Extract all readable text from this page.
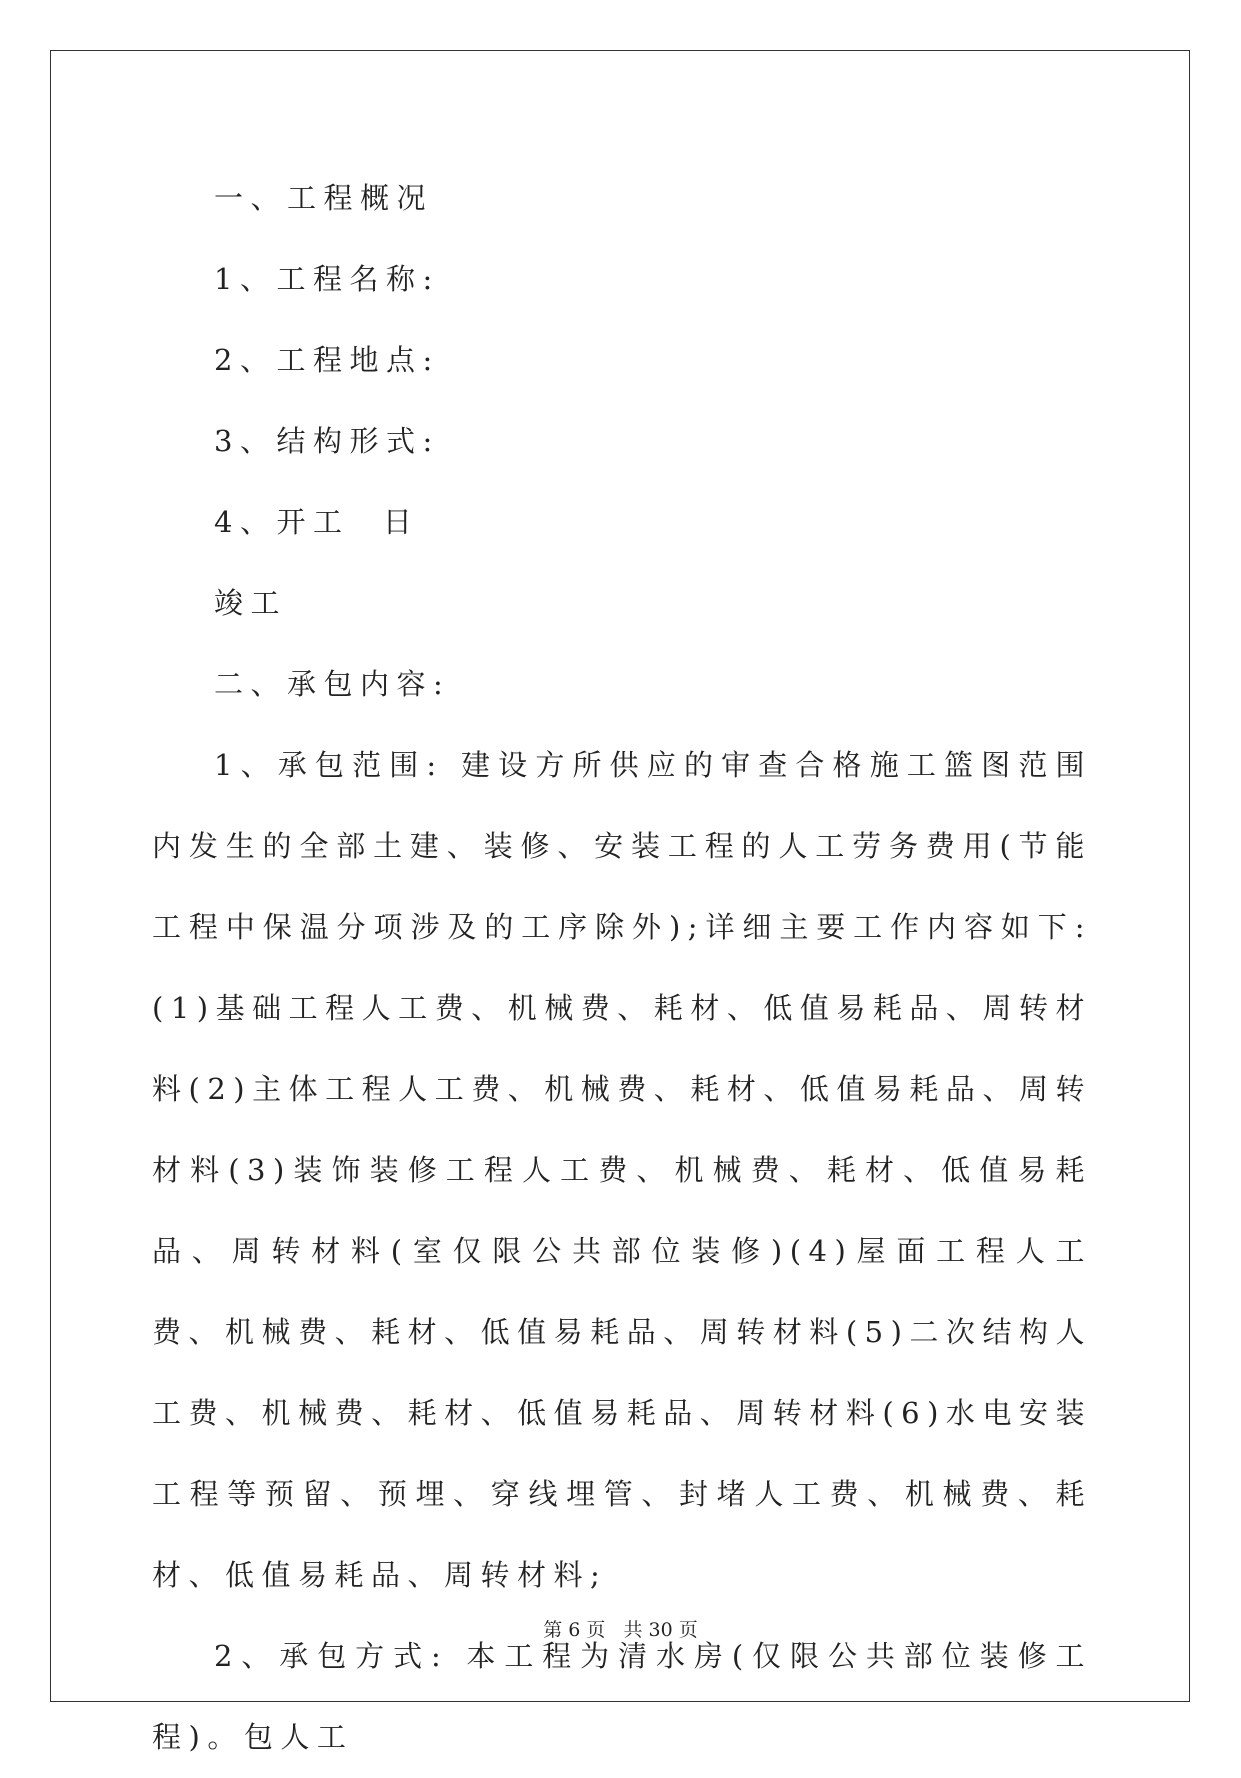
一、工程概况

1、工程名称:

2、工程地点:

3、结构形式:

4、开工  日

竣工

二、承包内容:

1、承包范围: 建设方所供应的审查合格施工篮图范围内发生的全部土建、装修、安装工程的人工劳务费用(节能工程中保温分项涉及的工序除外);详细主要工作内容如下: (1)基础工程人工费、机械费、耗材、低值易耗品、周转材料(2)主体工程人工费、机械费、耗材、低值易耗品、周转材料(3)装饰装修工程人工费、机械费、耗材、低值易耗品、周转材料(室仅限公共部位装修)(4)屋面工程人工费、机械费、耗材、低值易耗品、周转材料(5)二次结构人工费、机械费、耗材、低值易耗品、周转材料(6)水电安装工程等预留、预埋、穿线埋管、封堵人工费、机械费、耗材、低值易耗品、周转材料;

2、承包方式: 本工程为清水房(仅限公共部位装修工程)。包人工

第 6 页 共 30 页
